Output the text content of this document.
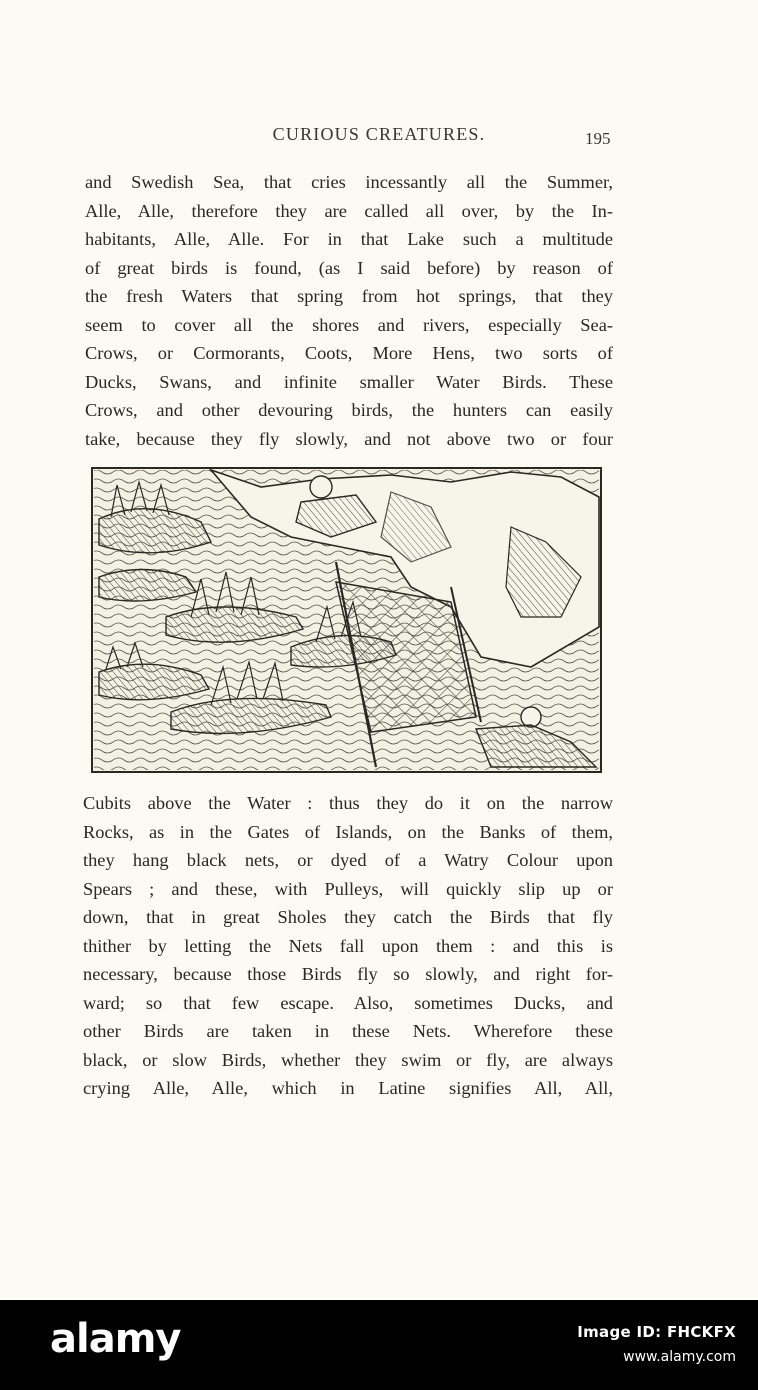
CURIOUS CREATURES.	195
and Swedish Sea, that cries incessantly all the Summer,
Alle, Alle, therefore they are called all over, by the In-
habitants, Alle, Alle. For in that Lake such a multitude
of great birds is found, (as I said before) by reason of
the fresh Waters that spring from hot springs, that they
seem to cover all the shores and rivers, especially Sea-
Crows, or Cormorants, Coots, More Hens, two sorts of
Ducks, Swans, and infinite smaller Water Birds. These
Crows, and other devouring birds, the hunters can easily
take, because they fly slowly, and not above two or four
Cubits above the Water : thus they do it on the narrow
Rocks, as in the Gates of Islands, on the Banks of them,
they hang black nets, or dyed of a Watry Colour upon
Spears ; and these, with Pulleys, will quickly slip up or
down, that in great Sholes they catch the Birds that fly
thither by letting the Nets fall upon them : and this is
necessary, because those Birds fly so slowly, and right for-
ward; so that few escape. Also, sometimes Ducks, and
other Birds are taken in these Nets. Wherefore these
black, or slow Birds, whether they swim or fly, are always
crying Alle, Alle, which in Latine signifies All, All,
alamy	Image ID: FHCKFX
www.alamy.com
